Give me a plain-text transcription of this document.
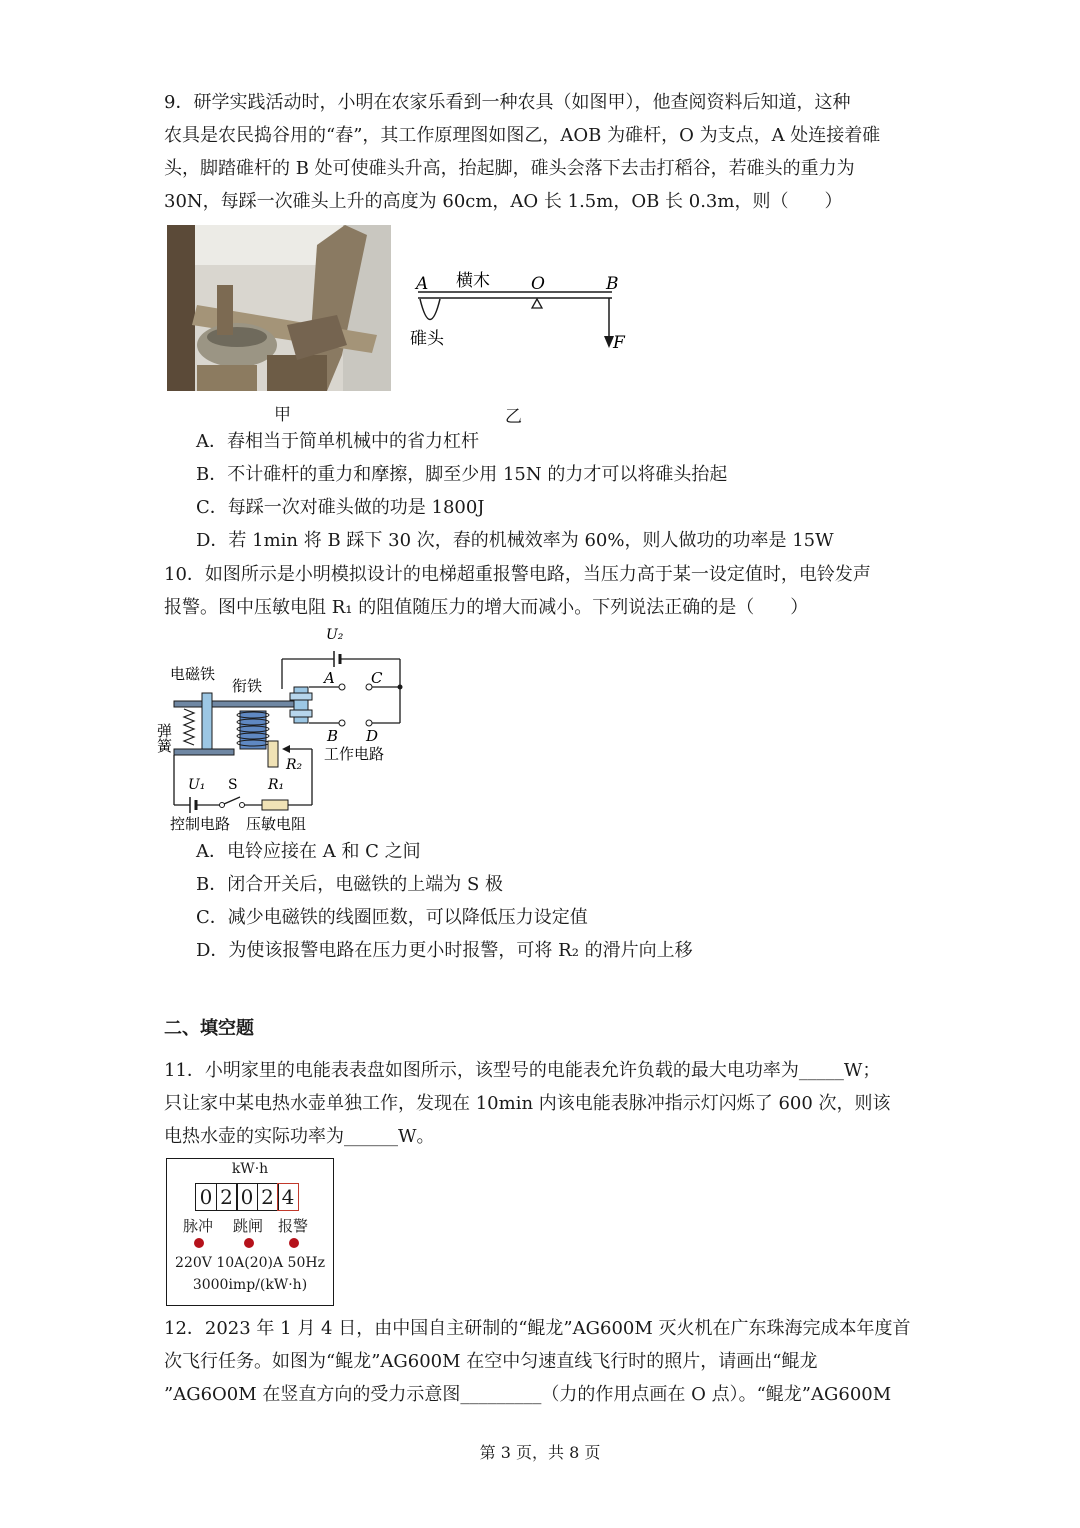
9．研学实践活动时，小明在农家乐看到一种农具（如图甲），他查阅资料后知道，这种
农具是农民捣谷用的“舂”，其工作原理图如图乙，AOB 为碓杆，O 为支点，A 处连接着碓
头，脚踏碓杆的 B 处可使碓头升高，抬起脚，碓头会落下去击打稻谷，若碓头的重力为
30N，每踩一次碓头上升的高度为 60cm，AO 长 1.5m，OB 长 0.3m，则（　　）
A 横木 O	B
碓头	F
甲	乙
A．舂相当于简单机械中的省力杠杆
B．不计碓杆的重力和摩擦，脚至少用 15N 的力才可以将碓头抬起
C．每踩一次对碓头做的功是 1800J
D．若 1min 将 B 踩下 30 次，舂的机械效率为 60%，则人做功的功率是 15W
10．如图所示是小明模拟设计的电梯超重报警电路，当压力高于某一设定值时，电铃发声
报警。图中压敏电阻 R₁ 的阻值随压力的增大而减小。下列说法正确的是（　　）
U₂
电磁铁
衔铁	A C
B D
工作电路
弹簧
R₂
U₁ S R₁
控制电路 压敏电阻
A．电铃应接在 A 和 C 之间
B．闭合开关后，电磁铁的上端为 S 极
C．减少电磁铁的线圈匝数，可以降低压力设定值
D．为使该报警电路在压力更小时报警，可将 R₂ 的滑片向上移
二、填空题
11．小明家里的电能表表盘如图所示，该型号的电能表允许负载的最大电功率为_____W；
只让家中某电热水壶单独工作，发现在 10min 内该电能表脉冲指示灯闪烁了 600 次，则该
电热水壶的实际功率为______W。
kW·h
0 2 0 2 4
脉冲 跳闸 报警
220V 10A(20)A 50Hz
3000imp/(kW·h)
12．2023 年 1 月 4 日，由中国自主研制的“鲲龙”AG600M 灭火机在广东珠海完成本年度首
次飞行任务。如图为“鲲龙”AG600M 在空中匀速直线飞行时的照片，请画出“鲲龙
”AG6O0M 在竖直方向的受力示意图_________（力的作用点画在 O 点）。“鲲龙”AG600M
第 3 页，共 8 页
